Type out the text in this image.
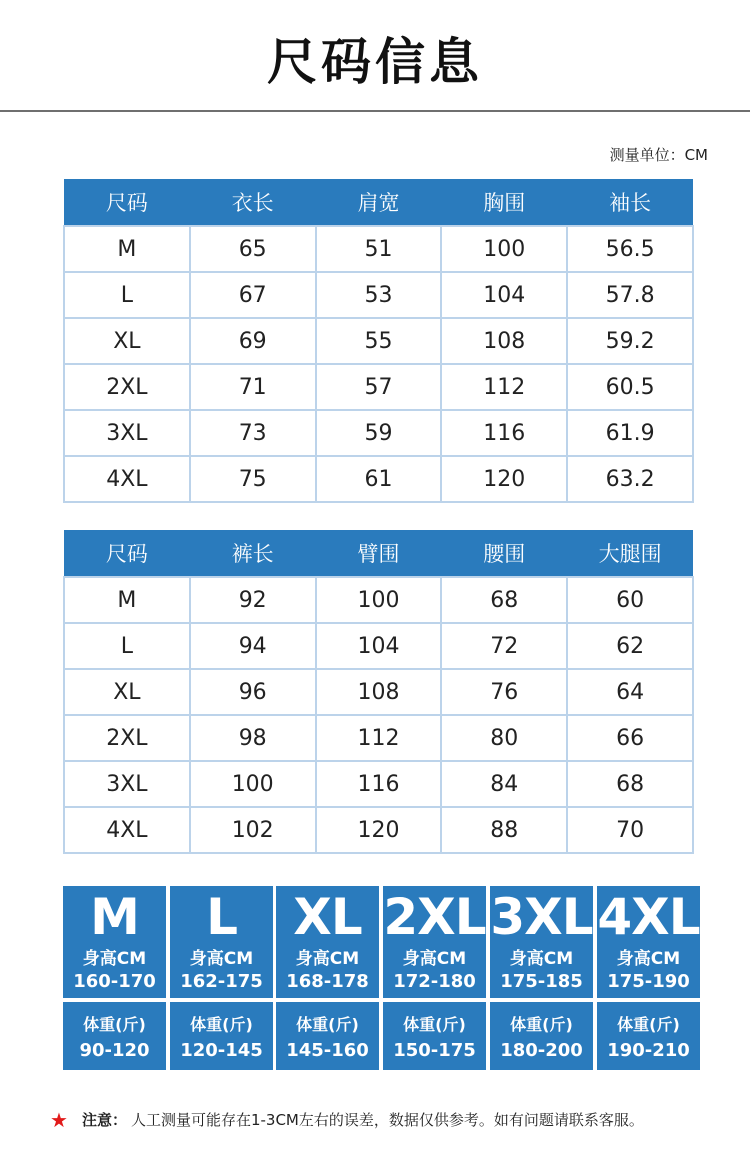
尺码信息
测量单位：CM
尺码	衣长	肩宽	胸围	袖长
M	65	51	100	56.5
L	67	53	104	57.8
XL	69	55	108	59.2
2XL	71	57	112	60.5
3XL	73	59	116	61.9
4XL	75	61	120	63.2
尺码	裤长	臂围	腰围	大腿围
M	92	100	68	60
L	94	104	72	62
XL	96	108	76	64
2XL	98	112	80	66
3XL	100	116	84	68
4XL	102	120	88	70
M
身高CM
160-170
体重(斤)
90-120
L
身高CM
162-175
体重(斤)
120-145
XL
身高CM
168-178
体重(斤)
145-160
2XL
身高CM
172-180
体重(斤)
150-175
3XL
身高CM
175-185
体重(斤)
180-200
4XL
身高CM
175-190
体重(斤)
190-210
★ 注意： 人工测量可能存在1-3CM左右的误差，数据仅供参考。如有问题请联系客服。
